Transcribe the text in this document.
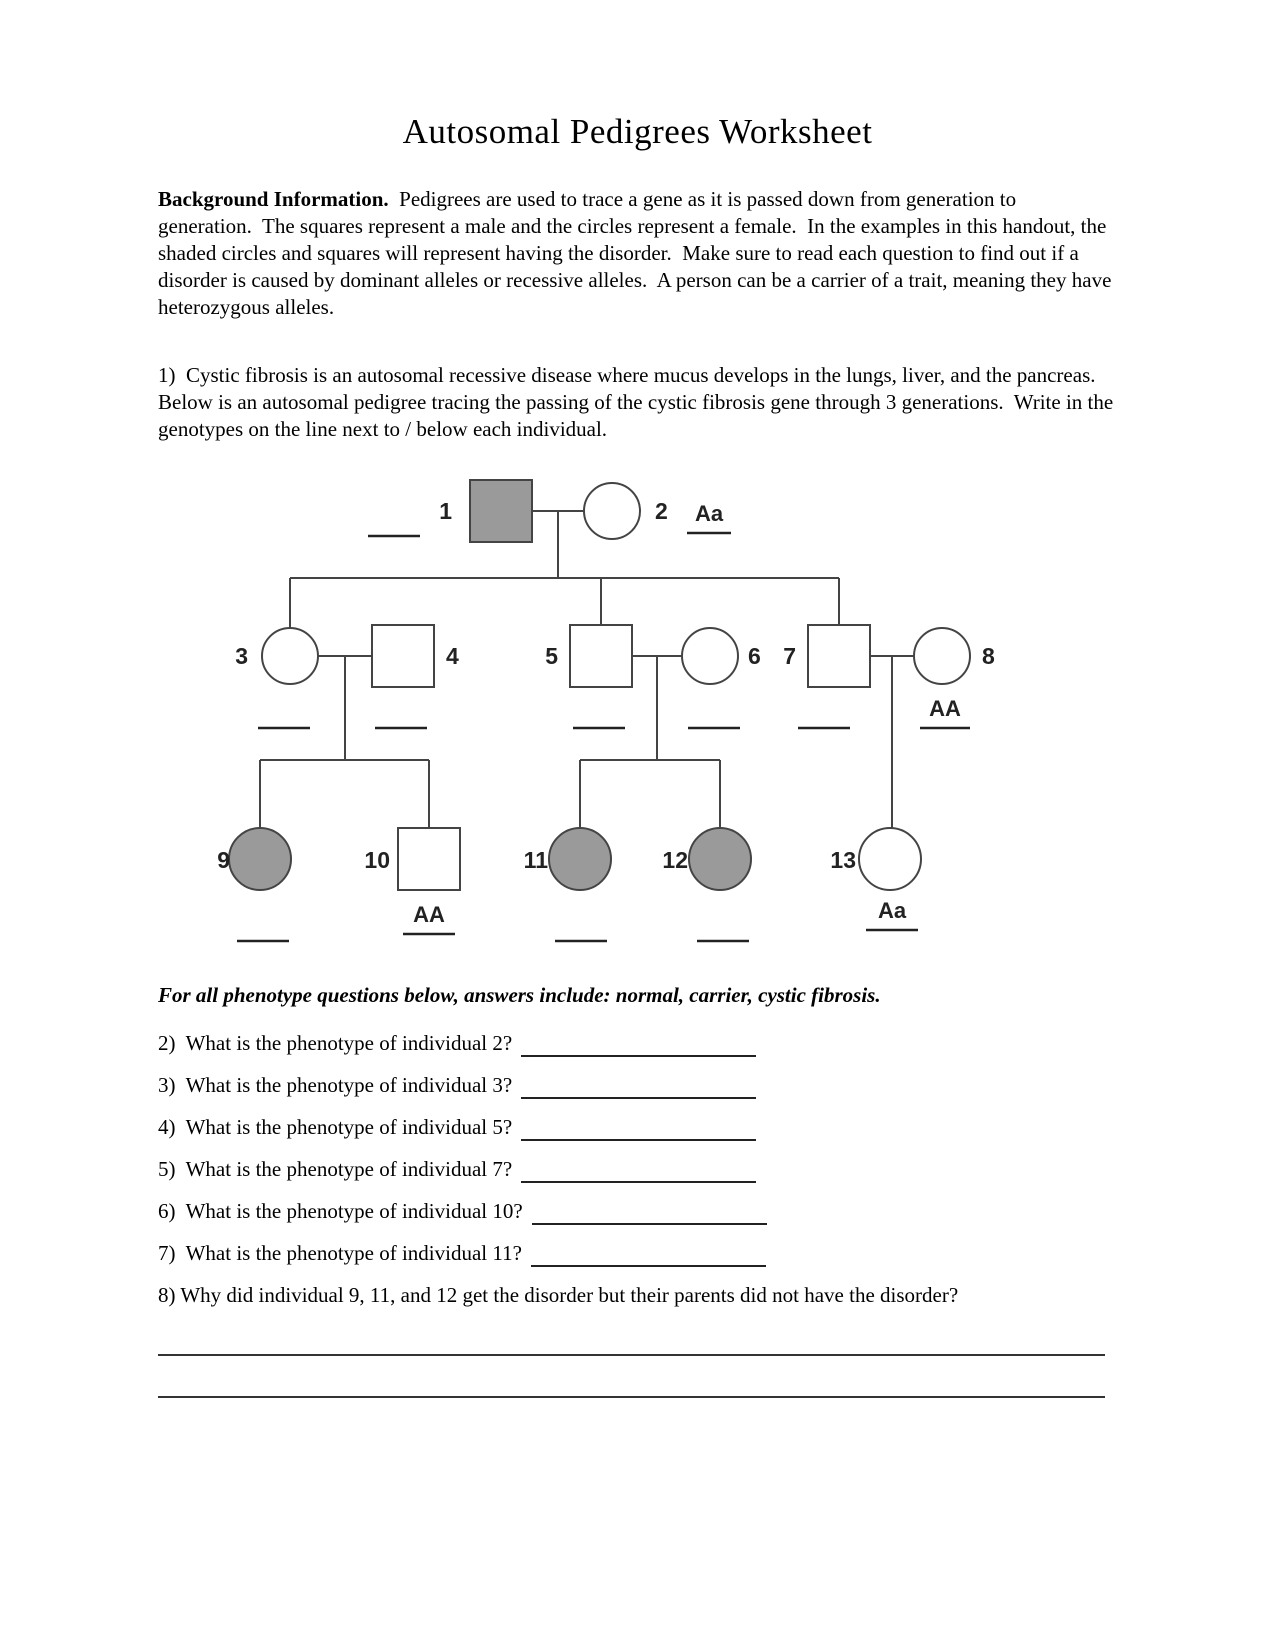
Autosomal Pedigrees Worksheet
Background Information.  Pedigrees are used to trace a gene as it is passed down from generation to generation.  The squares represent a male and the circles represent a female.  In the examples in this handout, the shaded circles and squares will represent having the disorder.  Make sure to read each question to find out if a disorder is caused by dominant alleles or recessive alleles.  A person can be a carrier of a trait, meaning they have heterozygous alleles.
1)  Cystic fibrosis is an autosomal recessive disease where mucus develops in the lungs, liver, and the pancreas.  Below is an autosomal pedigree tracing the passing of the cystic fibrosis gene through 3 generations.  Write in the genotypes on the line next to / below each individual.
1	2
3	4	5	6 7	8
9	10	11	12	13
Aa
AA
AA	Aa
For all phenotype questions below, answers include: normal, carrier, cystic fibrosis.
2)  What is the phenotype of individual 2?
3)  What is the phenotype of individual 3?
4)  What is the phenotype of individual 5?
5)  What is the phenotype of individual 7?
6)  What is the phenotype of individual 10?
7)  What is the phenotype of individual 11?
8) Why did individual 9, 11, and 12 get the disorder but their parents did not have the disorder?
